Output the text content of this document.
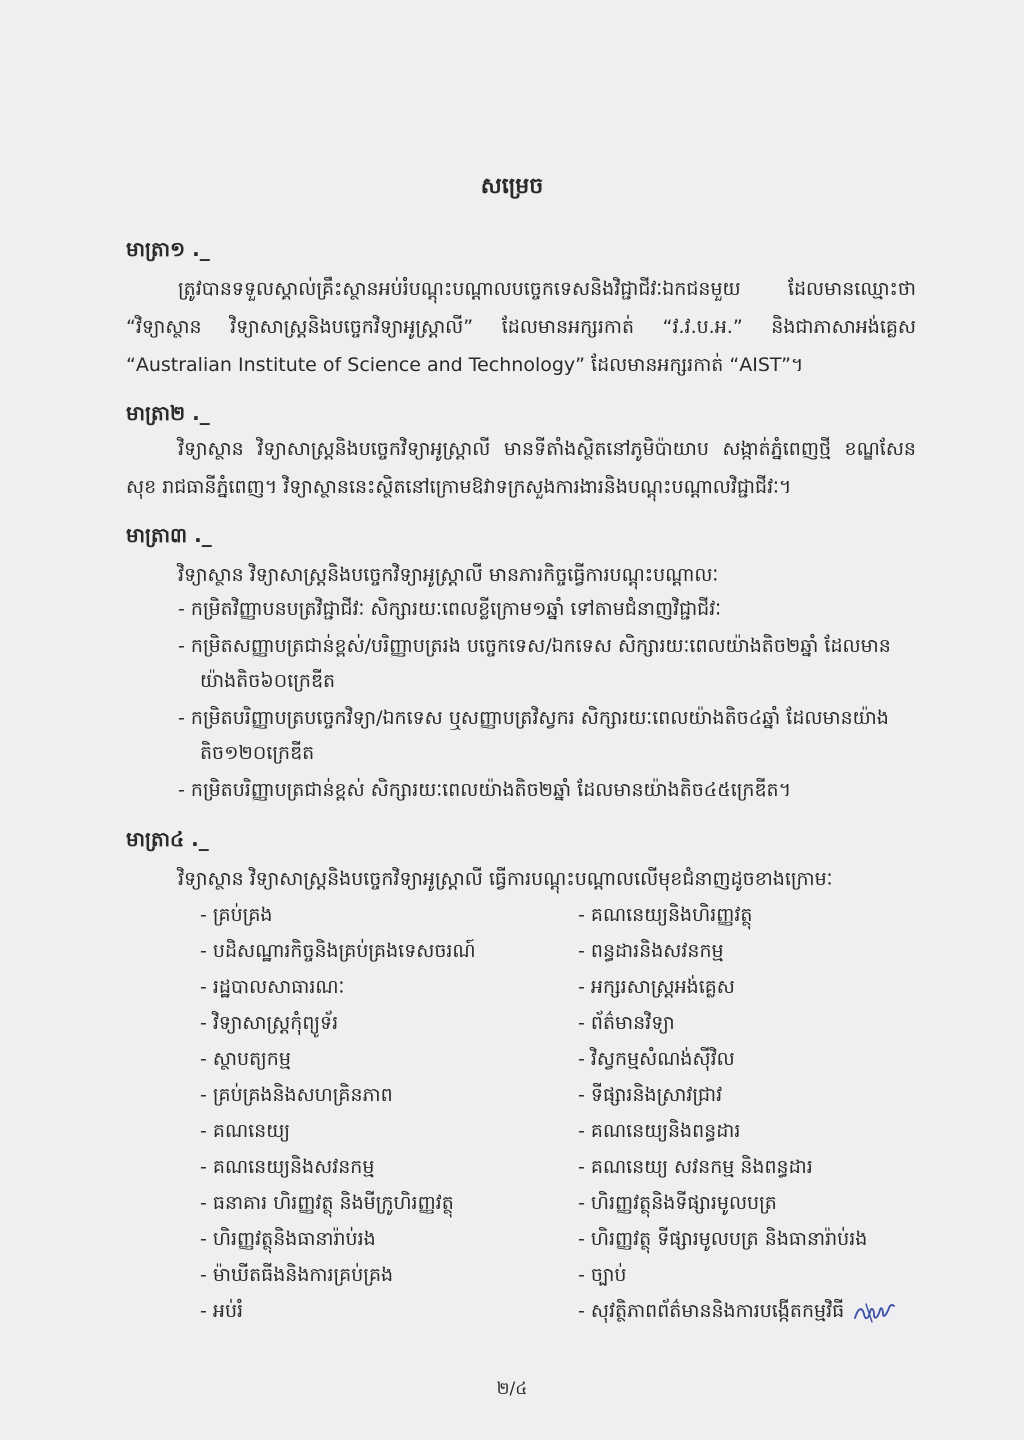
សម្រេច
មាត្រា១ ._
ត្រូវបានទទួលស្គាល់គ្រឹះស្ថានអប់រំបណ្តុះបណ្តាលបច្ចេកទេសនិងវិជ្ជាជីវៈឯកជនមួយ ដែលមានឈ្មោះថា “វិទ្យាស្ថាន វិទ្យាសាស្ត្រនិងបច្ចេកវិទ្យាអូស្ត្រាលី” ដែលមានអក្សរកាត់ “វ.វ.ប.អ.” និងជាភាសាអង់គ្លេស “Australian Institute of Science and Technology” ដែលមានអក្សរកាត់ “AIST”។
មាត្រា២ ._
វិទ្យាស្ថាន វិទ្យាសាស្ត្រនិងបច្ចេកវិទ្យាអូស្ត្រាលី មានទីតាំងស្ថិតនៅភូមិប៉ាយាប សង្កាត់ភ្នំពេញថ្មី ខណ្ឌសែនសុខ រាជធានីភ្នំពេញ។ វិទ្យាស្ថាននេះស្ថិតនៅក្រោមឱវាទក្រសួងការងារនិងបណ្តុះបណ្តាលវិជ្ជាជីវៈ។
មាត្រា៣ ._
វិទ្យាស្ថាន វិទ្យាសាស្ត្រនិងបច្ចេកវិទ្យាអូស្ត្រាលី មានភារកិច្ចធ្វើការបណ្តុះបណ្តាលៈ
- កម្រិតវិញ្ញាបនបត្រវិជ្ជាជីវៈ សិក្សារយៈពេលខ្លីក្រោម១ឆ្នាំ ទៅតាមជំនាញវិជ្ជាជីវៈ
- កម្រិតសញ្ញាបត្រជាន់ខ្ពស់/បរិញ្ញាបត្ររង បច្ចេកទេស/ឯកទេស សិក្សារយៈពេលយ៉ាងតិច២ឆ្នាំ ដែលមានយ៉ាងតិច៦០ក្រេឌីត
- កម្រិតបរិញ្ញាបត្របច្ចេកវិទ្យា/ឯកទេស ឬសញ្ញាបត្រវិស្វករ សិក្សារយៈពេលយ៉ាងតិច៤ឆ្នាំ ដែលមានយ៉ាងតិច១២០ក្រេឌីត
- កម្រិតបរិញ្ញាបត្រជាន់ខ្ពស់ សិក្សារយៈពេលយ៉ាងតិច២ឆ្នាំ ដែលមានយ៉ាងតិច៤៥ក្រេឌីត។
មាត្រា៤ ._
វិទ្យាស្ថាន វិទ្យាសាស្ត្រនិងបច្ចេកវិទ្យាអូស្ត្រាលី ធ្វើការបណ្តុះបណ្តាលលើមុខជំនាញដូចខាងក្រោមៈ
- គ្រប់គ្រង
- បដិសណ្ឋារកិច្ចនិងគ្រប់គ្រងទេសចរណ៍
- រដ្ឋបាលសាធារណៈ
- វិទ្យាសាស្ត្រកុំព្យូទ័រ
- ស្ថាបត្យកម្ម
- គ្រប់គ្រងនិងសហគ្រិនភាព
- គណនេយ្យ
- គណនេយ្យនិងសវនកម្ម
- ធនាគារ ហិរញ្ញវត្ថុ និងមីក្រូហិរញ្ញវត្ថុ
- ហិរញ្ញវត្ថុនិងធានារ៉ាប់រង
- ម៉ាឃីតធីងនិងការគ្រប់គ្រង
- អប់រំ
- គណនេយ្យនិងហិរញ្ញវត្ថុ
- ពន្ធដារនិងសវនកម្ម
- អក្សរសាស្ត្រអង់គ្លេស
- ព័ត៌មានវិទ្យា
- វិស្វកម្មសំណង់ស៊ីវិល
- ទីផ្សារនិងស្រាវជ្រាវ
- គណនេយ្យនិងពន្ធដារ
- គណនេយ្យ សវនកម្ម និងពន្ធដារ
- ហិរញ្ញវត្ថុនិងទីផ្សារមូលបត្រ
- ហិរញ្ញវត្ថុ ទីផ្សារមូលបត្រ និងធានារ៉ាប់រង
- ច្បាប់
- សុវត្ថិភាពព័ត៌មាននិងការបង្កើតកម្មវិធី
២/៤
